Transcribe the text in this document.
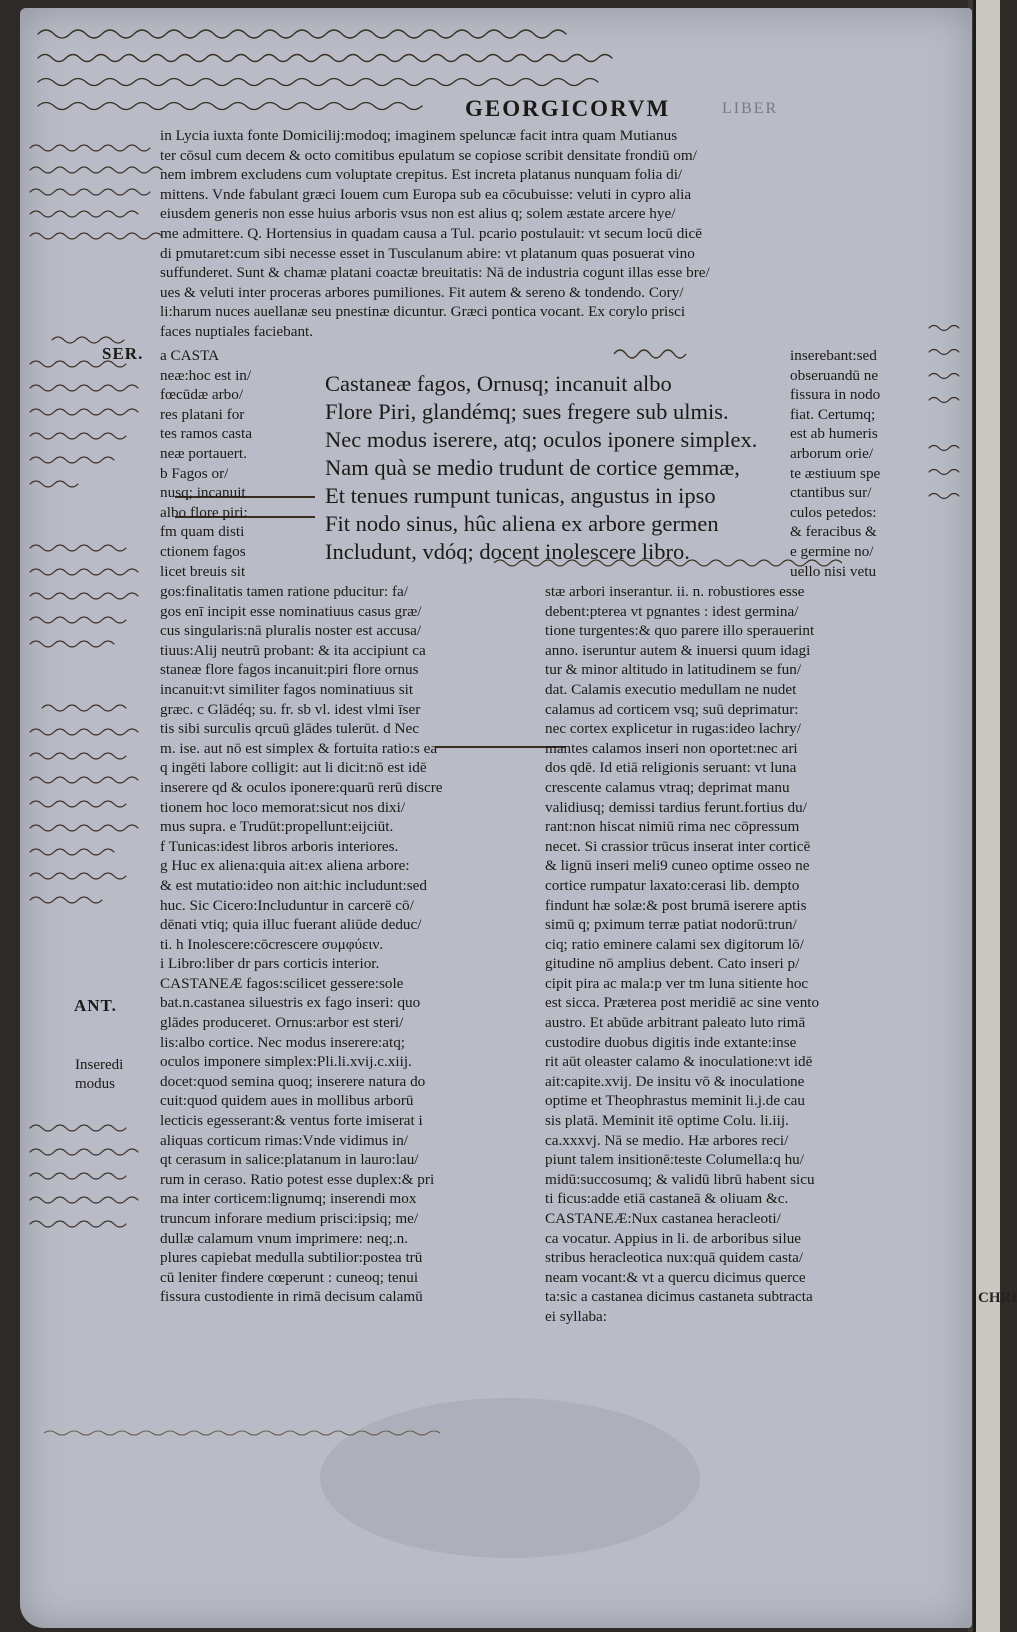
CHRI
GEORGICORVM	LIBER

in Lycia iuxta fonte Domicilij:modoq; imaginem speluncæ facit intra quam Mutianus
ter cōsul cum decem & octo comitibus epulatum se copiose scribit densitate frondiū om/
nem imbrem excludens cum voluptate crepitus. Est increta platanus nunquam folia di/
mittens. Vnde fabulant græci Iouem cum Europa sub ea cōcubuisse: veluti in cypro alia
eiusdem generis non esse huius arboris vsus non est alius q; solem æstate arcere hye/
me admittere. Q. Hortensius in quadam causa a Tul. pcario postulauit: vt secum locū dicē
di pmutaret:cum sibi necesse esset in Tusculanum abire: vt platanum quas posuerat vino
suffunderet. Sunt & chamæ platani coactæ breuitatis: Nā de industria cogunt illas esse bre/
ues & veluti inter proceras arbores pumiliones. Fit autem & sereno & tondendo. Cory/
li:harum nuces auellanæ seu pnestinæ dicuntur. Græci pontica vocant. Ex corylo prisci
faces nuptiales faciebant.

SER.
ANT.
Inseredi
modus

a CASTA
neæ:hoc est in/
fœcūdæ arbo/
res platani for
tes ramos casta
neæ portauert.
b Fagos or/
nusq; incanuit
albo flore piri:
fm quam disti
ctionem fagos
licet breuis sit

Castaneæ fagos, Ornusq; incanuit albo
Flore Piri, glandémq; sues fregere sub ulmis.
Nec modus iserere, atq; oculos iponere simplex.
Nam quà se medio trudunt de cortice gemmæ,
Et tenues rumpunt tunicas, angustus in ipso
Fit nodo sinus, hûc aliena ex arbore germen
Includunt, vdóq; docent inolescere libro.

inserebant:sed
obseruandū ne
fissura in nodo
fiat. Certumq;
est ab humeris
arborum orie/
te æstiuum spe
ctantibus sur/
culos petedos:
& feracibus &
e germine no/
uello nisi vetu

gos:finalitatis tamen ratione pducitur: fa/
gos enī incipit esse nominatiuus casus græ/
cus singularis:nā pluralis noster est accusa/
tiuus:Alij neutrū probant: & ita accipiunt ca
staneæ flore fagos incanuit:piri flore ornus
incanuit:vt similiter fagos nominatiuus sit
græc. c Glādéq; su. fr. sb vl. idest vlmi īser
tis sibi surculis qrcuū glādes tulerūt. d Nec
m. ise. aut nō est simplex & fortuita ratio:s ea
q ingēti labore colligit: aut li dicit:nō est idē
inserere qd & oculos iponere:quarū rerū discre
tionem hoc loco memorat:sicut nos dixi/
mus supra. e Trudūt:propellunt:eijciūt.
f Tunicas:idest libros arboris interiores.
g Huc ex aliena:quia ait:ex aliena arbore:
& est mutatio:ideo non ait:hic includunt:sed
huc. Sic Cicero:Includuntur in carcerē cō/
dēnati vtiq; quia illuc fuerant aliūde deduc/
ti. h Inolescere:cōcrescere συμφύειν.
i Libro:liber dr pars corticis interior.
CASTANEÆ fagos:scilicet gessere:sole
bat.n.castanea siluestris ex fago inseri: quo
glādes produceret. Ornus:arbor est steri/
lis:albo cortice. Nec modus inserere:atq;
oculos imponere simplex:Pli.li.xvij.c.xiij.
docet:quod semina quoq; inserere natura do
cuit:quod quidem aues in mollibus arborū
lecticis egesserant:& ventus forte imiserat i
aliquas corticum rimas:Vnde vidimus in/
qt cerasum in salice:platanum in lauro:lau/
rum in ceraso. Ratio potest esse duplex:& pri
ma inter corticem:lignumq; inserendi mox
truncum inforare medium prisci:ipsiq; me/
dullæ calamum vnum imprimere: neq;.n.
plures capiebat medulla subtilior:postea trū
cū leniter findere cœperunt : cuneoq; tenui
fissura custodiente in rimā decisum calamū

stæ arbori inserantur. ii. n. robustiores esse
debent:pterea vt pgnantes : idest germina/
tione turgentes:& quo parere illo sperauerint
anno. iseruntur autem & inuersi quum idagi
tur & minor altitudo in latitudinem se fun/
dat. Calamis executio medullam ne nudet
calamus ad corticem vsq; suū deprimatur:
nec cortex explicetur in rugas:ideo lachry/
mantes calamos inseri non oportet:nec ari
dos qdē. Id etiā religionis seruant: vt luna
crescente calamus vtraq; deprimat manu
validiusq; demissi tardius ferunt.fortius du/
rant:non hiscat nimiū rima nec cōpressum
necet. Si crassior trūcus inserat inter corticē
& lignū inseri meli9 cuneo optime osseo ne
cortice rumpatur laxato:cerasi lib. dempto
findunt hæ solæ:& post brumā iserere aptis
simū q; pximum terræ patiat nodorū:trun/
ciq; ratio eminere calami sex digitorum lō/
gitudine nō amplius debent. Cato inseri p/
cipit pira ac mala:p ver tm luna sitiente hoc
est sicca. Præterea post meridiē ac sine vento
austro. Et abūde arbitrant paleato luto rimā
custodire duobus digitis inde extante:inse
rit aūt oleaster calamo & inoculatione:vt idē
ait:capite.xvij. De insitu vō & inoculatione
optime et Theophrastus meminit li.j.de cau
sis platā. Meminit itē optime Colu. li.iij.
ca.xxxvj. Nā se medio. Hæ arbores reci/
piunt talem insitionē:teste Columella:q hu/
midū:succosumq; & validū librū habent sicu
ti ficus:adde etiā castaneā & oliuam &c.
CASTANEÆ:Nux castanea heracleoti/
ca vocatur. Appius in li. de arboribus silue
stribus heracleotica nux:quā quidem casta/
neam vocant:& vt a quercu dicimus querce
ta:sic a castanea dicimus castaneta subtracta
ei syllaba:
